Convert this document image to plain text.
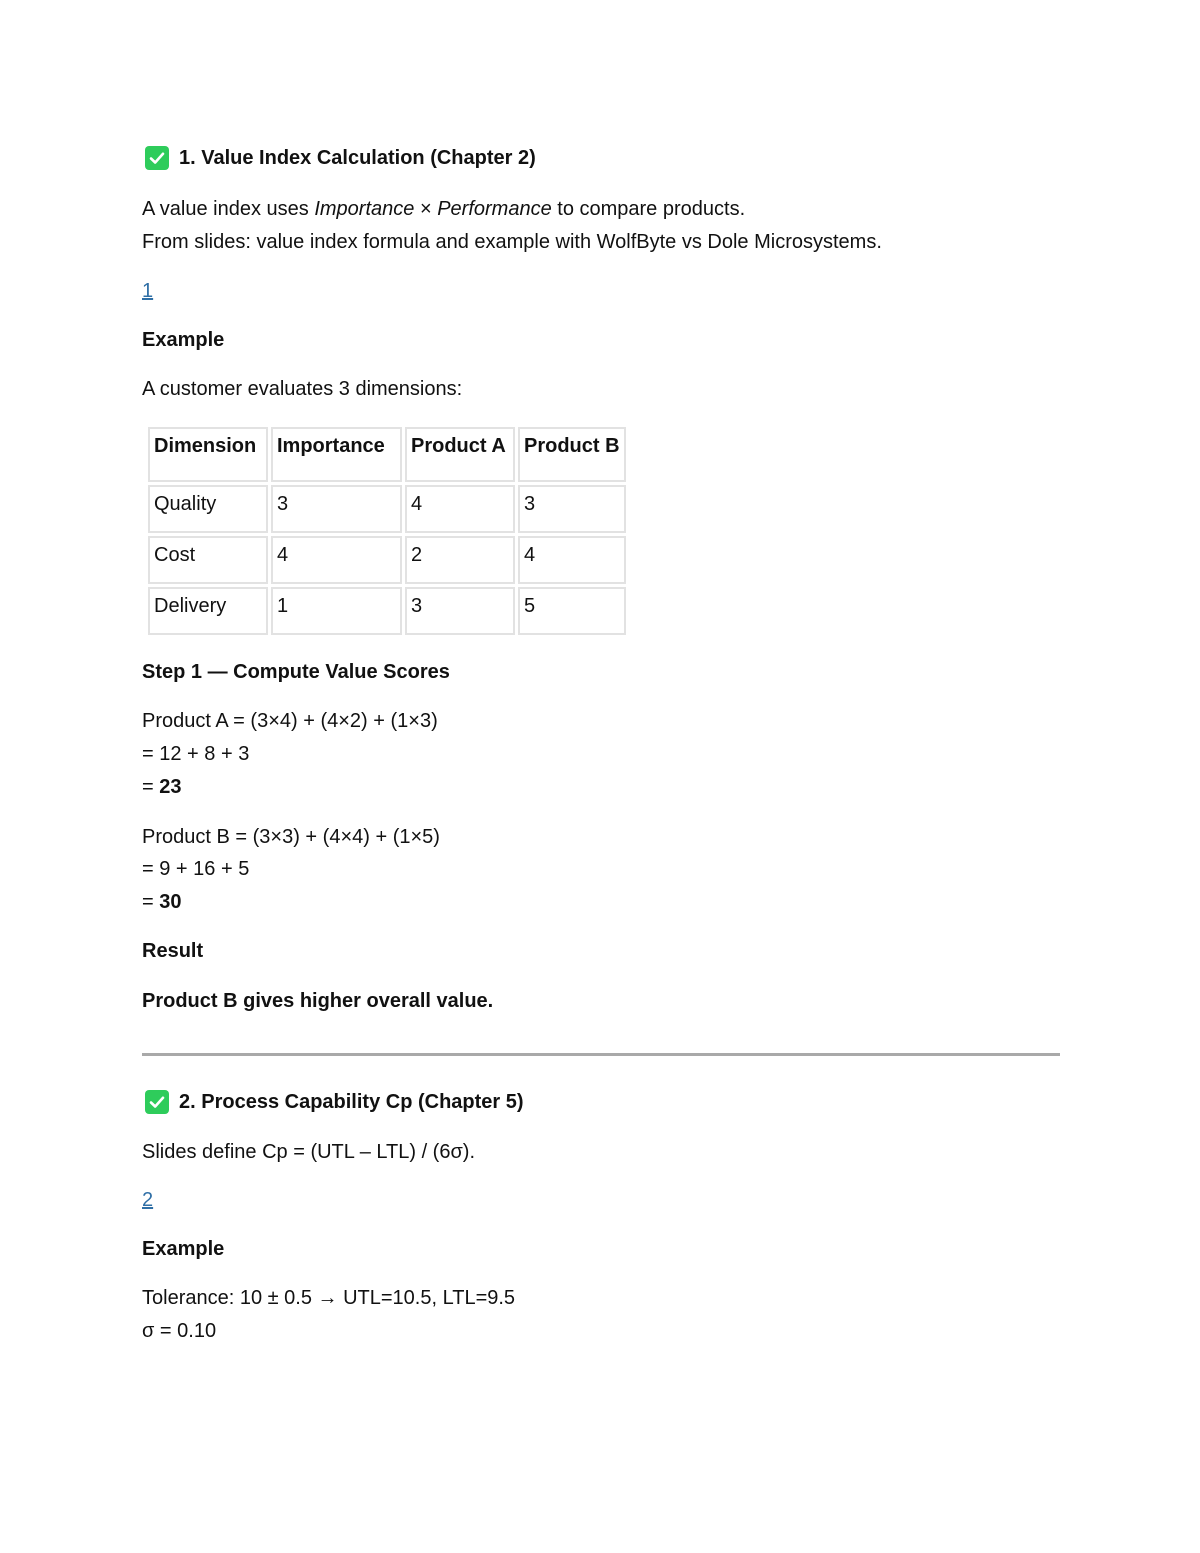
1. Value Index Calculation (Chapter 2)
A value index uses Importance × Performance to compare products.
From slides: value index formula and example with WolfByte vs Dole Microsystems.
1
Example
A customer evaluates 3 dimensions:
Dimension	Importance	Product A	Product B
Quality	3	4	3
Cost	4	2	4
Delivery	1	3	5
Step 1 — Compute Value Scores
Product A = (3×4) + (4×2) + (1×3)
= 12 + 8 + 3
= 23
Product B = (3×3) + (4×4) + (1×5)
= 9 + 16 + 5
= 30
Result
Product B gives higher overall value.
2. Process Capability Cp (Chapter 5)
Slides define Cp = (UTL – LTL) / (6σ).
2
Example
Tolerance: 10 ± 0.5 → UTL=10.5, LTL=9.5
σ = 0.10
